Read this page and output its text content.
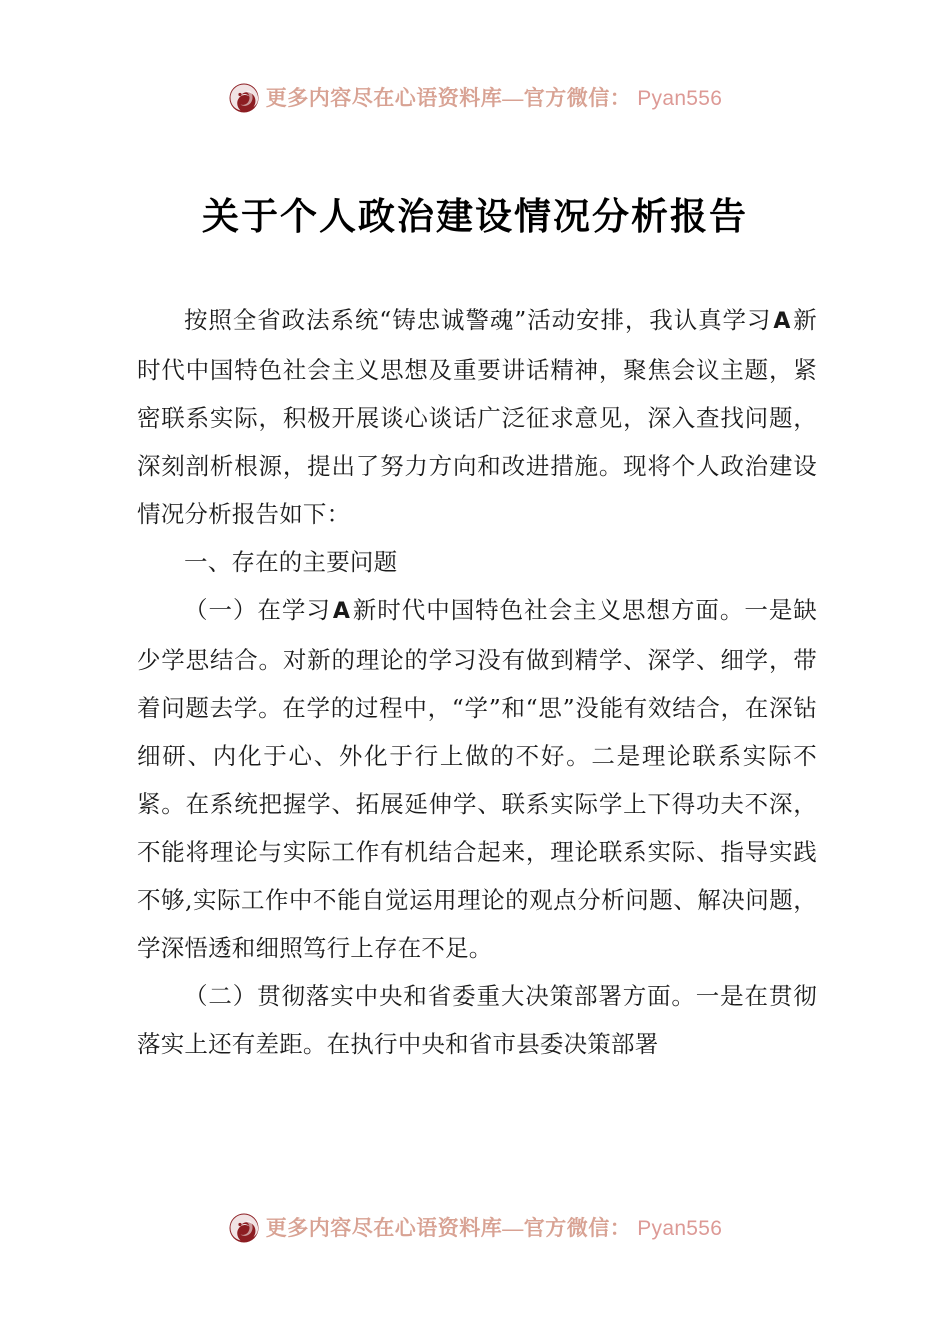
更多内容尽在心语资料库—官方微信： Pyan556
关于个人政治建设情况分析报告

按照全省政法系统“铸忠诚警魂”活动安排，我认真学习A新时代中国特色社会主义思想及重要讲话精神，聚焦会议主题，紧密联系实际，积极开展谈心谈话广泛征求意见，深入查找问题，深刻剖析根源，提出了努力方向和改进措施。现将个人政治建设情况分析报告如下：

一、存在的主要问题

（一）在学习A新时代中国特色社会主义思想方面。一是缺少学思结合。对新的理论的学习没有做到精学、深学、细学，带着问题去学。在学的过程中，“学”和“思”没能有效结合，在深钻细研、内化于心、外化于行上做的不好。二是理论联系实际不紧。在系统把握学、拓展延伸学、联系实际学上下得功夫不深，不能将理论与实际工作有机结合起来，理论联系实际、指导实践不够,实际工作中不能自觉运用理论的观点分析问题、解决问题，学深悟透和细照笃行上存在不足。

（二）贯彻落实中央和省委重大决策部署方面。一是在贯彻落实上还有差距。在执行中央和省市县委决策部署

更多内容尽在心语资料库—官方微信： Pyan556
